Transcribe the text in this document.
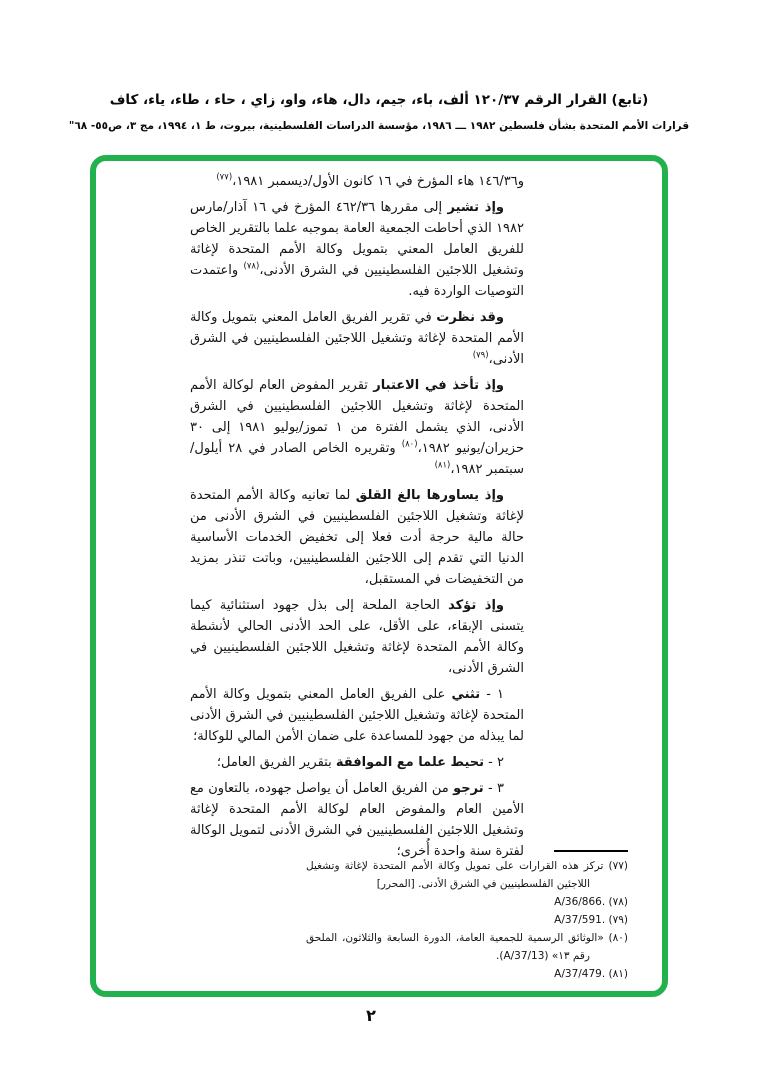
(تابع) القرار الرقم ١٢٠/٣٧ ألف، باء، جيم، دال، هاء، واو، زاي ، حاء ، طاء، ياء، كاف
قرارات الأمم المتحدة بشأن فلسطين ١٩٨٢ ـــ ١٩٨٦، مؤسسة الدراسات الفلسطينية، بيروت، ط ١، ١٩٩٤، مج ٣، ص٥٥- ٦٨"

و١٤٦/٣٦ هاء المؤرخ في ١٦ كانون الأول/ديسمبر ١٩٨١،$^{(٧٧)}$

وإذ تشير إلى مقررها ٤٦٢/٣٦ المؤرخ في ١٦ آذار/مارس ١٩٨٢ الذي أحاطت الجمعية العامة بموجبه علما بالتقرير الخاص للفريق العامل المعني بتمويل وكالة الأمم المتحدة لإغاثة وتشغيل اللاجئين الفلسطينيين في الشرق الأدنى،$^{(٧٨)}$ واعتمدت التوصيات الواردة فيه.

وقد نظرت في تقرير الفريق العامل المعني بتمويل وكالة الأمم المتحدة لإغاثة وتشغيل اللاجئين الفلسطينيين في الشرق الأدنى،$^{(٧٩)}$

وإذ تأخذ في الاعتبار تقرير المفوض العام لوكالة الأمم المتحدة لإغاثة وتشغيل اللاجئين الفلسطينيين في الشرق الأدنى، الذي يشمل الفترة من ١ تموز/يوليو ١٩٨١ إلى ٣٠ حزيران/يونيو ١٩٨٢،$^{(٨٠)}$ وتقريره الخاص الصادر في ٢٨ أيلول/سبتمبر ١٩٨٢،$^{(٨١)}$

وإذ يساورها بالغ القلق لما تعانيه وكالة الأمم المتحدة لإغاثة وتشغيل اللاجئين الفلسطينيين في الشرق الأدنى من حالة مالية حرجة أدت فعلا إلى تخفيض الخدمات الأساسية الدنيا التي تقدم إلى اللاجئين الفلسطينيين، وباتت تنذر بمزيد من التخفيضات في المستقبل،

وإذ تؤكد الحاجة الملحة إلى بذل جهود استثنائية كيما يتسنى الإبقاء، على الأقل، على الحد الأدنى الحالي لأنشطة وكالة الأمم المتحدة لإغاثة وتشغيل اللاجئين الفلسطينيين في الشرق الأدنى،

١ - تثني على الفريق العامل المعني بتمويل وكالة الأمم المتحدة لإغاثة وتشغيل اللاجئين الفلسطينيين في الشرق الأدنى لما يبذله من جهود للمساعدة على ضمان الأمن المالي للوكالة؛

٢ - تحيط علما مع الموافقة بتقرير الفريق العامل؛

٣ - ترجو من الفريق العامل أن يواصل جهوده، بالتعاون مع الأمين العام والمفوض العام لوكالة الأمم المتحدة لإغاثة وتشغيل اللاجئين الفلسطينيين في الشرق الأدنى لتمويل الوكالة لفترة سنة واحدة أُخرى؛

(٧٧) تركز هذه القرارات على تمويل وكالة الأمم المتحدة لإغاثة وتشغيل اللاجئين الفلسطينيين في الشرق الأدنى. [المحرر]
(٧٨) A/36/866.
(٧٩) A/37/591.
(٨٠) «الوثائق الرسمية للجمعية العامة، الدورة السابعة والثلاثون، الملحق رقم ١٣» (A/37/13).
(٨١) A/37/479.
٢
